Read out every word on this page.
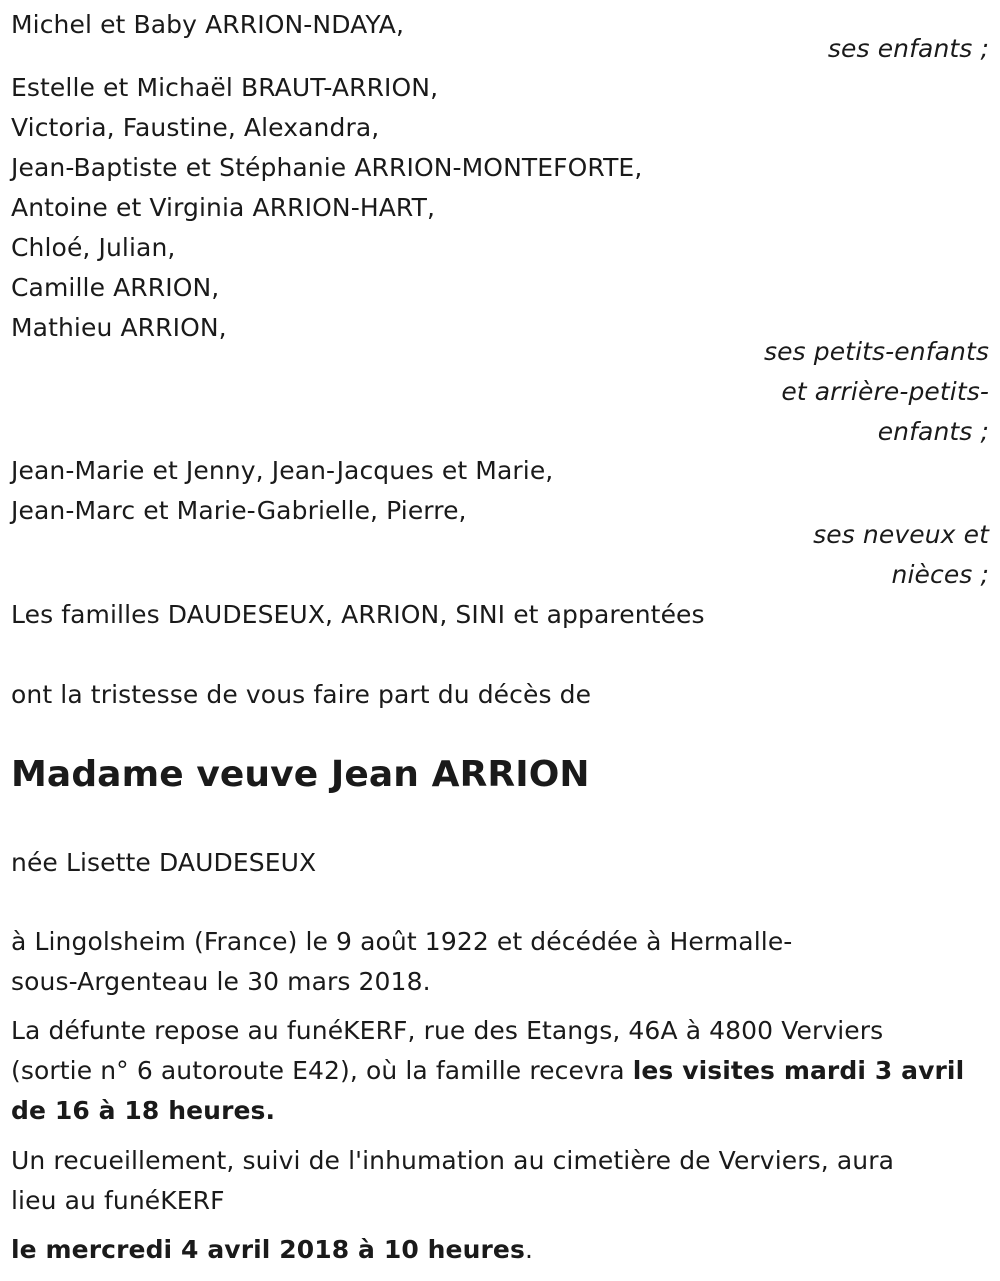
Michel et Baby ARRION-NDAYA,
ses enfants ;
Estelle et Michaël BRAUT-ARRION,
Victoria, Faustine, Alexandra,
Jean-Baptiste et Stéphanie ARRION-MONTEFORTE,
Antoine et Virginia ARRION-HART,
Chloé, Julian,
Camille ARRION,
Mathieu ARRION,
ses petits-enfants
et arrière-petits-
enfants ;
Jean-Marie et Jenny, Jean-Jacques et Marie,
Jean-Marc et Marie-Gabrielle, Pierre,
ses neveux et
nièces ;
Les familles DAUDESEUX, ARRION, SINI et apparentées
ont la tristesse de vous faire part du décès de
Madame veuve Jean ARRION
née Lisette DAUDESEUX
à Lingolsheim (France) le 9 août 1922 et décédée à Hermalle-
sous-Argenteau le 30 mars 2018.
La défunte repose au funéKERF, rue des Etangs, 46A à 4800 Verviers
(sortie n° 6 autoroute E42), où la famille recevra les visites mardi 3 avril
de 16 à 18 heures.
Un recueillement, suivi de l'inhumation au cimetière de Verviers, aura
lieu au funéKERF
le mercredi 4 avril 2018 à 10 heures.
